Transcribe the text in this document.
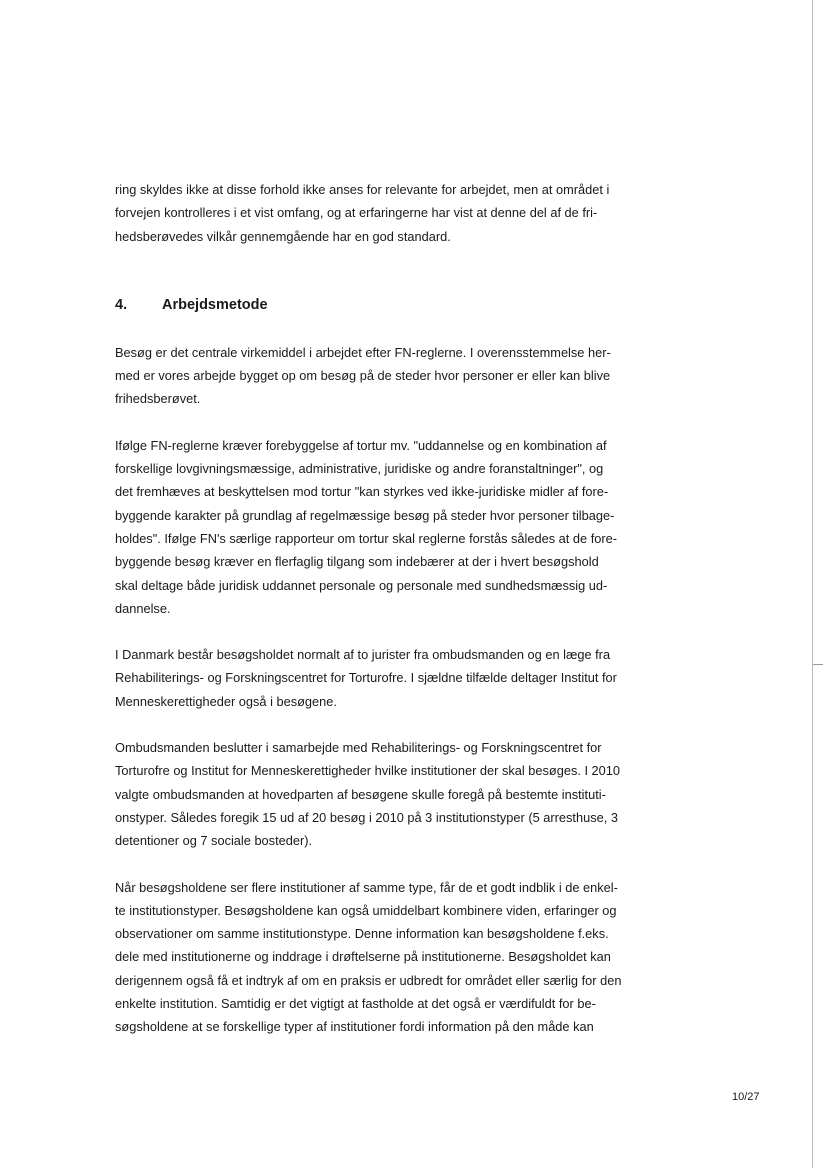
ring skyldes ikke at disse forhold ikke anses for relevante for arbejdet, men at området i
forvejen kontrolleres i et vist omfang, og at erfaringerne har vist at denne del af de fri-
hedsberøvedes vilkår gennemgående har en god standard.

4.	Arbejdsmetode

Besøg er det centrale virkemiddel i arbejdet efter FN-reglerne. I overensstemmelse her-
med er vores arbejde bygget op om besøg på de steder hvor personer er eller kan blive
frihedsberøvet.

Ifølge FN-reglerne kræver forebyggelse af tortur mv. "uddannelse og en kombination af
forskellige lovgivningsmæssige, administrative, juridiske og andre foranstaltninger", og
det fremhæves at beskyttelsen mod tortur "kan styrkes ved ikke-juridiske midler af fore-
byggende karakter på grundlag af regelmæssige besøg på steder hvor personer tilbage-
holdes". Ifølge FN's særlige rapporteur om tortur skal reglerne forstås således at de fore-
byggende besøg kræver en flerfaglig tilgang som indebærer at der i hvert besøgshold
skal deltage både juridisk uddannet personale og personale med sundhedsmæssig ud-
dannelse.

I Danmark består besøgsholdet normalt af to jurister fra ombudsmanden og en læge fra
Rehabiliterings- og Forskningscentret for Torturofre. I sjældne tilfælde deltager Institut for
Menneskerettigheder også i besøgene.

Ombudsmanden beslutter i samarbejde med Rehabiliterings- og Forskningscentret for
Torturofre og Institut for Menneskerettigheder hvilke institutioner der skal besøges. I 2010
valgte ombudsmanden at hovedparten af besøgene skulle foregå på bestemte instituti-
onstyper. Således foregik 15 ud af 20 besøg i 2010 på 3 institutionstyper (5 arresthuse, 3
detentioner og 7 sociale bosteder).

Når besøgsholdene ser flere institutioner af samme type, får de et godt indblik i de enkel-
te institutionstyper. Besøgsholdene kan også umiddelbart kombinere viden, erfaringer og
observationer om samme institutionstype. Denne information kan besøgsholdene f.eks.
dele med institutionerne og inddrage i drøftelserne på institutionerne. Besøgsholdet kan
derigennem også få et indtryk af om en praksis er udbredt for området eller særlig for den
enkelte institution. Samtidig er det vigtigt at fastholde at det også er værdifuldt for be-
søgsholdene at se forskellige typer af institutioner fordi information på den måde kan

10/27
